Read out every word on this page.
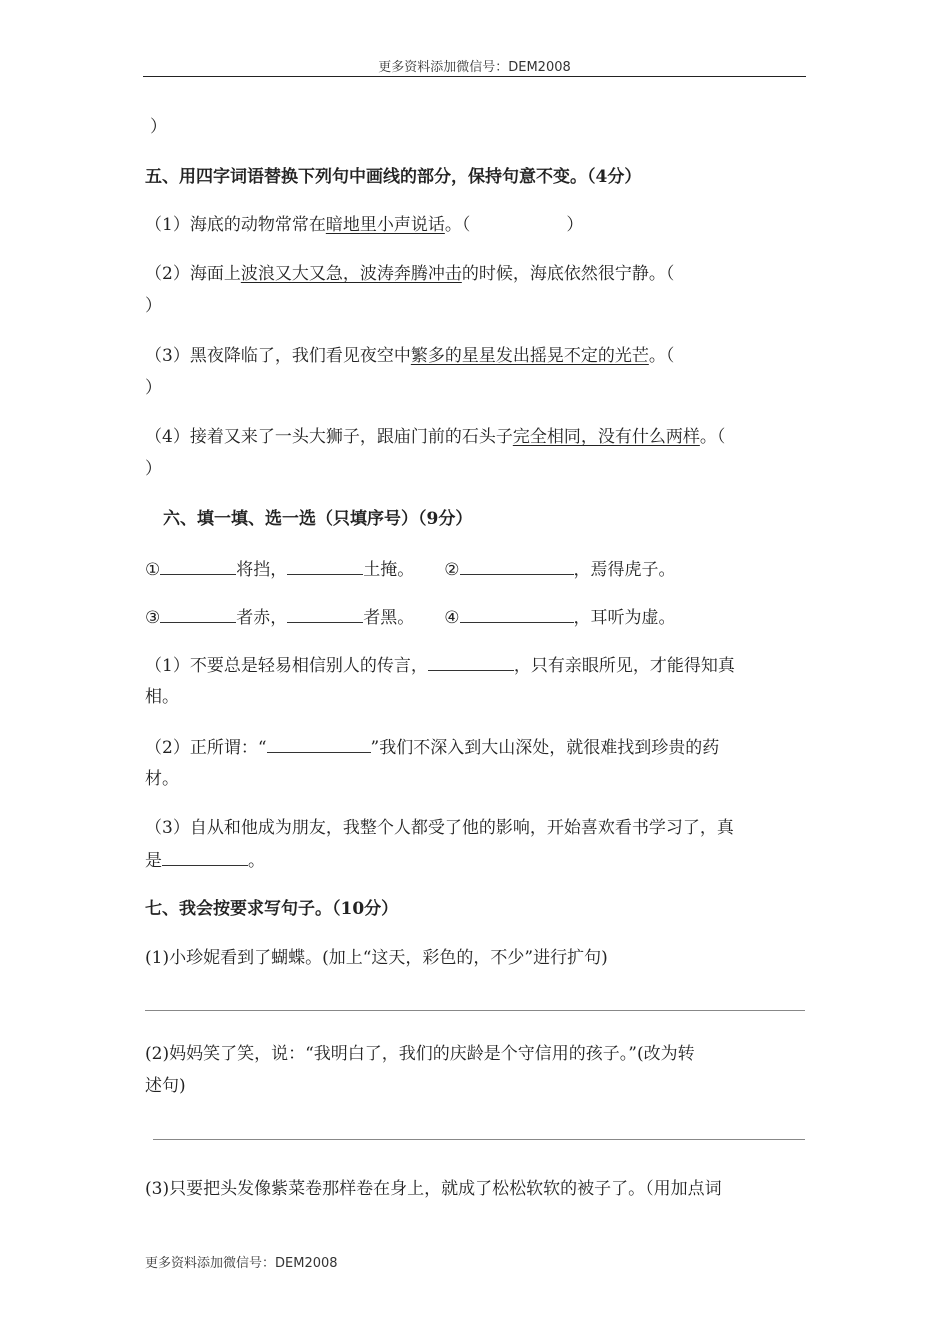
更多资料添加微信号：DEM2008
）
五、用四字词语替换下列句中画线的部分，保持句意不变。（4分）
（1）海底的动物常常在暗地里小声说话。（	）
（2）海面上波浪又大又急，波涛奔腾冲击的时候，海底依然很宁静。（
）
（3）黑夜降临了，我们看见夜空中繁多的星星发出摇晃不定的光芒。（
）
（4）接着又来了一头大狮子，跟庙门前的石头子完全相同，没有什么两样。（
）
六、填一填、选一选（只填序号）（9分）
①	将挡，	土掩。 ②	，焉得虎子。
③	者赤，	者黑。 ④	，耳听为虚。
（1）不要总是轻易相信别人的传言，	，只有亲眼所见，才能得知真
相。
（2）正所谓：“	”我们不深入到大山深处，就很难找到珍贵的药
材。
（3）自从和他成为朋友，我整个人都受了他的影响，开始喜欢看书学习了，真
是	。
七、我会按要求写句子。（10分）
(1)小珍妮看到了蝴蝶。(加上“这天，彩色的，不少”进行扩句)
(2)妈妈笑了笑，说：“我明白了，我们的庆龄是个守信用的孩子。”(改为转
述句)
(3)只要把头发像紫菜卷那样卷在身上，就成了松松软软的被子了。（用加点词
更多资料添加微信号：DEM2008
